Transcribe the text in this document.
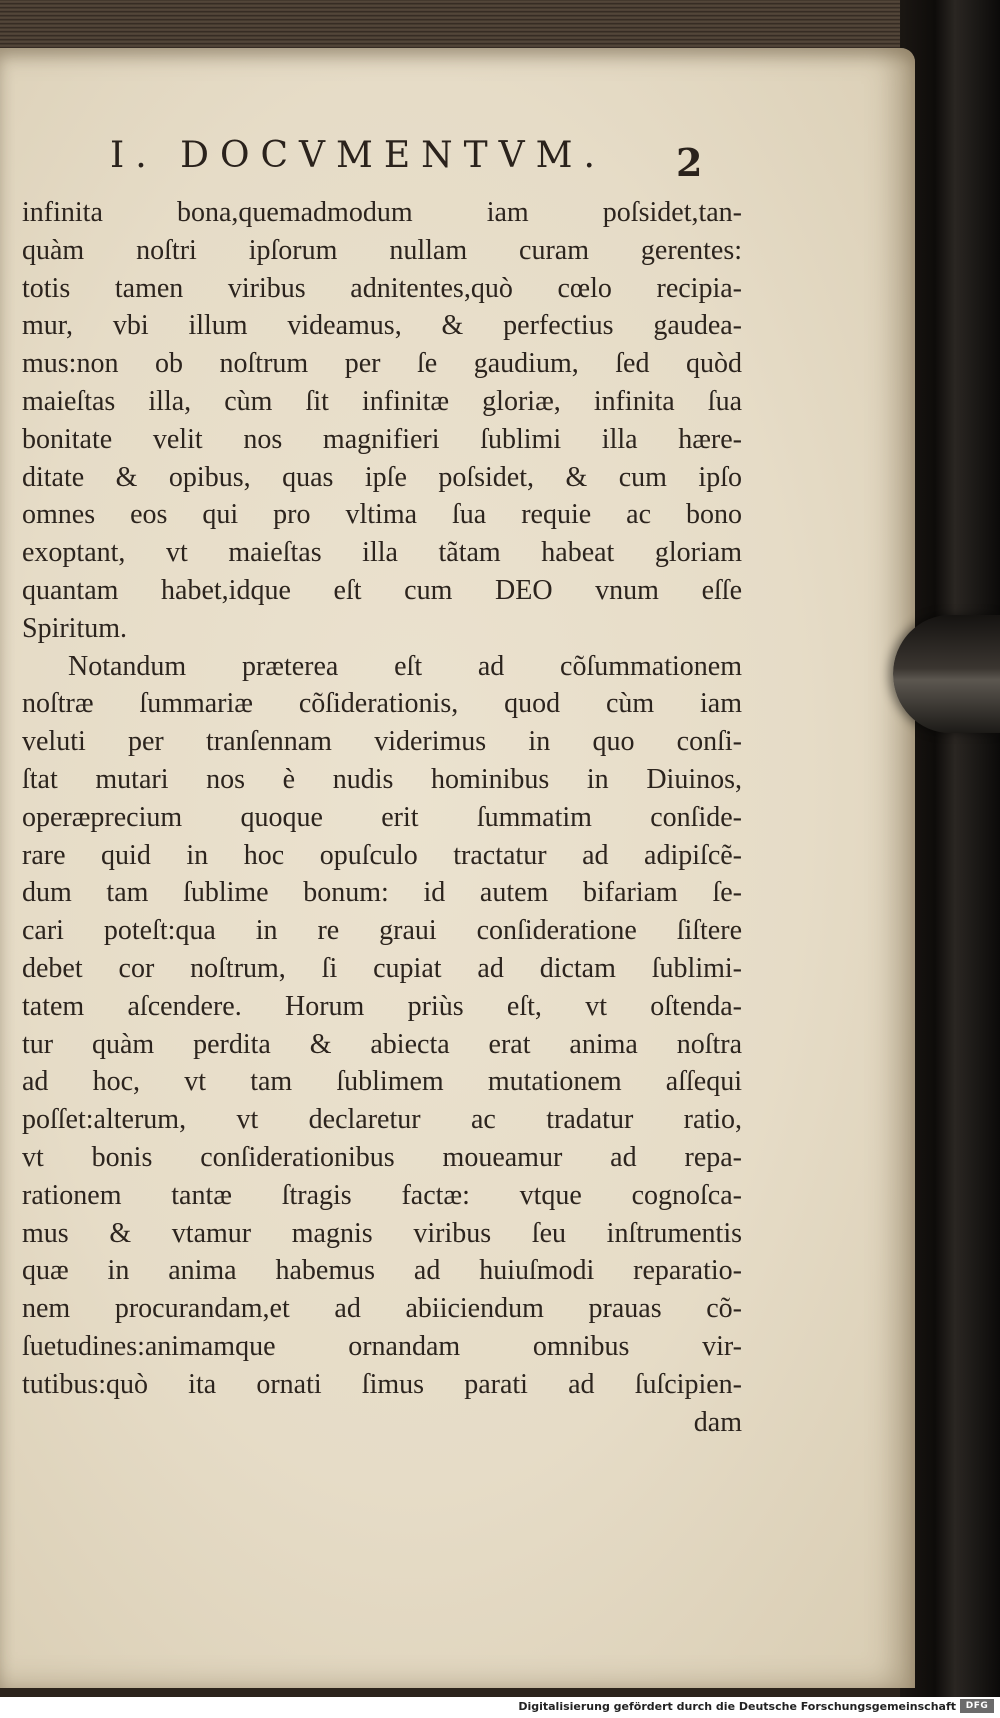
I. DOCVMENTVM. 2
infinita bona,quemadmodum iam poſsidet,tan-
quàm noſtri ipſorum nullam curam gerentes:
totis tamen viribus adnitentes,quò cœlo recipia-
mur, vbi illum videamus, & perfectius gaudea-
mus:non ob noſtrum per ſe gaudium, ſed quòd
maieſtas illa, cùm ſit infinitæ gloriæ, infinita ſua
bonitate velit nos magnifieri ſublimi illa hære-
ditate & opibus, quas ipſe poſsidet, & cum ipſo
omnes eos qui pro vltima ſua requie ac bono
exoptant, vt maieſtas illa tãtam habeat gloriam
quantam habet,idque eſt cum DEO vnum eſſe
Spiritum.
Notandum præterea eſt ad cõſummationem
noſtræ ſummariæ cõſiderationis, quod cùm iam
veluti per tranſennam viderimus in quo conſi-
ſtat mutari nos è nudis hominibus in Diuinos,
operæprecium quoque erit ſummatim conſide-
rare quid in hoc opuſculo tractatur ad adipiſcẽ-
dum tam ſublime bonum: id autem bifariam ſe-
cari poteſt:qua in re graui conſideratione ſiſtere
debet cor noſtrum, ſi cupiat ad dictam ſublimi-
tatem aſcendere. Horum priùs eſt, vt oſtenda-
tur quàm perdita & abiecta erat anima noſtra
ad hoc, vt tam ſublimem mutationem aſſequi
poſſet:alterum, vt declaretur ac tradatur ratio,
vt bonis conſiderationibus moueamur ad repa-
rationem tantæ ſtragis factæ: vtque cognoſca-
mus & vtamur magnis viribus ſeu inſtrumentis
quæ in anima habemus ad huiuſmodi reparatio-
nem procurandam,et ad abiiciendum prauas cõ-
ſuetudines:animamque ornandam omnibus vir-
tutibus:quò ita ornati ſimus parati ad ſuſcipien-
dam
Digitalisierung gefördert durch die Deutsche Forschungsgemeinschaft	DFG
